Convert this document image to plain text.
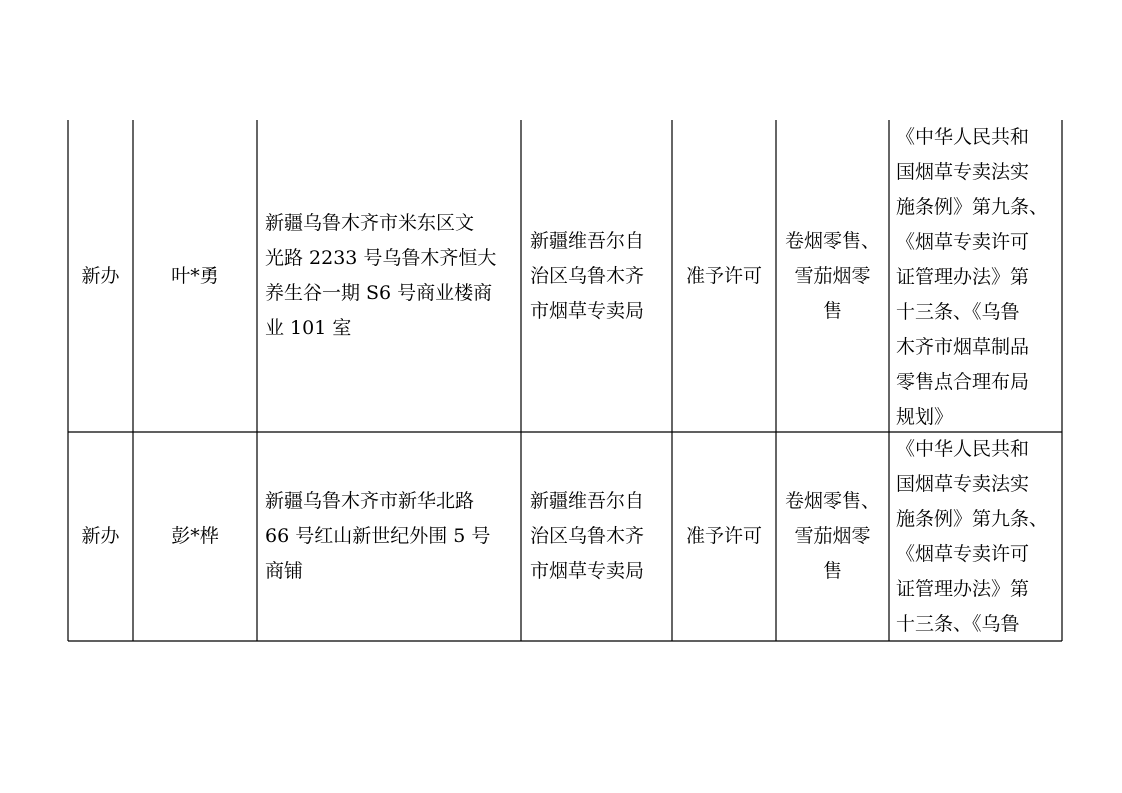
新办	叶*勇
新疆乌鲁木齐市米东区文
光路 2233 号乌鲁木齐恒大
养生谷一期 S6 号商业楼商
业 101 室
新疆维吾尔自
治区乌鲁木齐
市烟草专卖局
准予许可
卷烟零售、
雪茄烟零
售
《中华人民共和
国烟草专卖法实
施条例》第九条、
《烟草专卖许可
证管理办法》第
十三条、《乌鲁
木齐市烟草制品
零售点合理布局
规划》
新办	彭*桦
新疆乌鲁木齐市新华北路
66 号红山新世纪外围 5 号
商铺
新疆维吾尔自
治区乌鲁木齐
市烟草专卖局
准予许可
卷烟零售、
雪茄烟零
售
《中华人民共和
国烟草专卖法实
施条例》第九条、
《烟草专卖许可
证管理办法》第
十三条、《乌鲁
